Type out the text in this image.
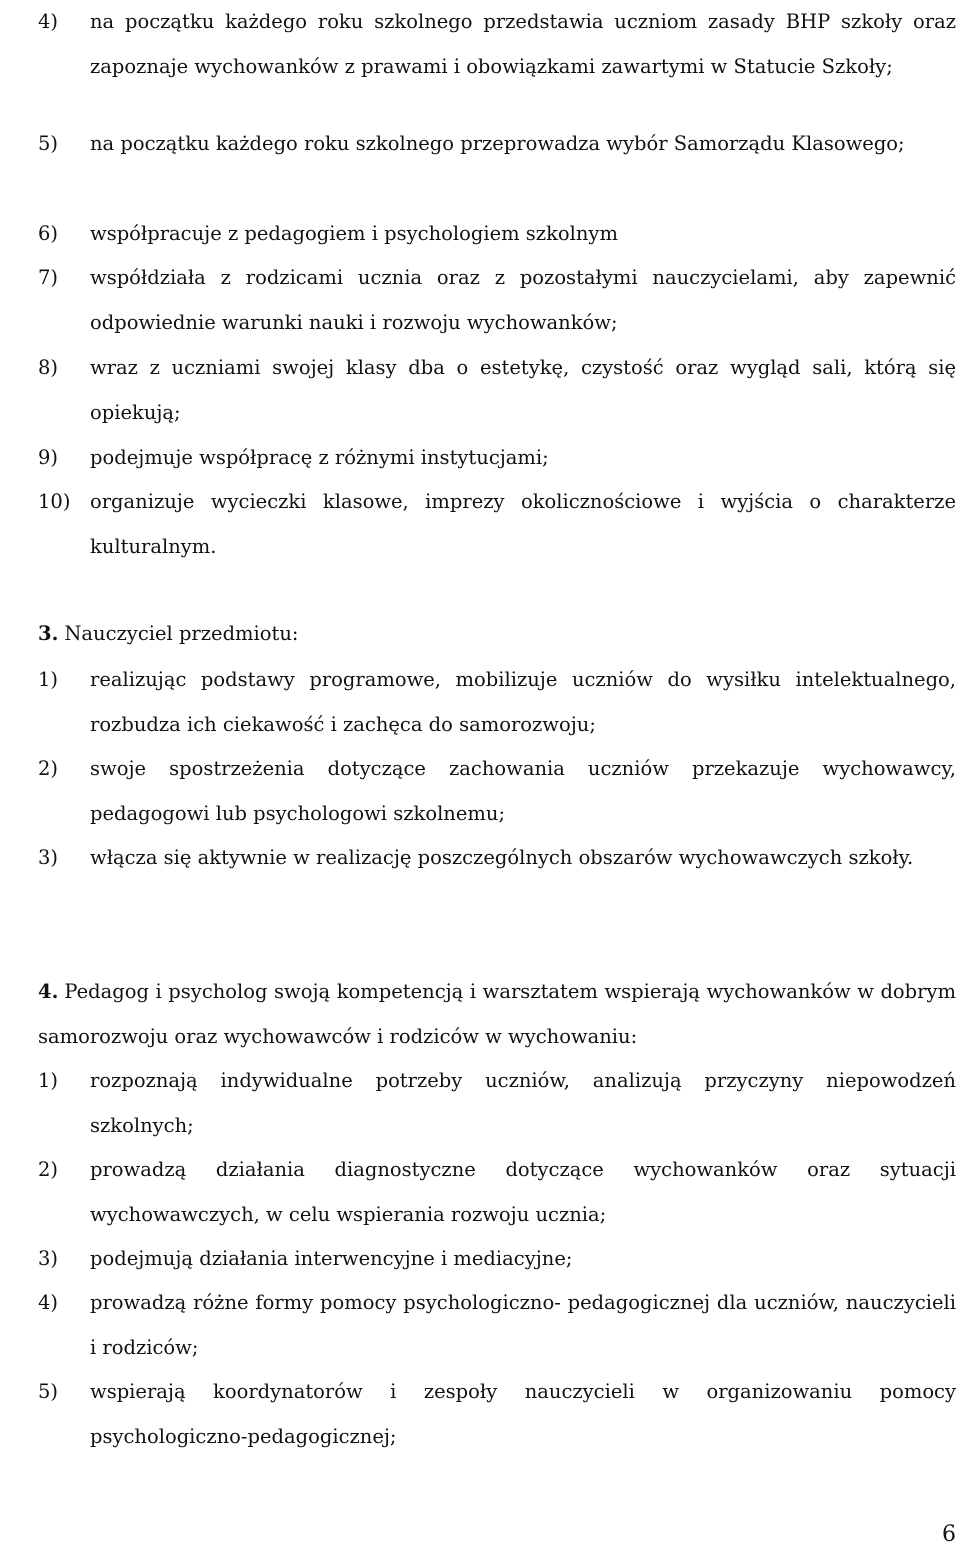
4)	na początku każdego roku szkolnego przedstawia uczniom zasady BHP szkoły oraz zapoznaje wychowanków z prawami i obowiązkami zawartymi w Statucie Szkoły;
5)	na początku każdego roku szkolnego przeprowadza wybór Samorządu Klasowego;
6)	współpracuje z pedagogiem i psychologiem szkolnym
7)	współdziała z rodzicami ucznia oraz z pozostałymi nauczycielami, aby zapewnić odpowiednie warunki nauki i rozwoju wychowanków;
8)	wraz z uczniami swojej klasy dba o estetykę, czystość oraz wygląd sali, którą się opiekują;
9)	podejmuje współpracę z różnymi instytucjami;
10)	organizuje wycieczki klasowe, imprezy okolicznościowe i wyjścia o charakterze kulturalnym.
3. Nauczyciel przedmiotu:
1)	realizując podstawy programowe, mobilizuje uczniów do wysiłku intelektualnego, rozbudza ich ciekawość i zachęca do samorozwoju;
2)	swoje spostrzeżenia dotyczące zachowania uczniów przekazuje wychowawcy, pedagogowi lub psychologowi szkolnemu;
3)	włącza się aktywnie w realizację poszczególnych obszarów wychowawczych szkoły.
4. Pedagog i psycholog swoją kompetencją i warsztatem wspierają wychowanków w dobrym samorozwoju oraz wychowawców i rodziców w wychowaniu:
1)	rozpoznają indywidualne potrzeby uczniów, analizują przyczyny niepowodzeń szkolnych;
2)	prowadzą działania diagnostyczne dotyczące wychowanków oraz sytuacji wychowawczych, w celu wspierania rozwoju ucznia;
3)	podejmują działania interwencyjne i mediacyjne;
4)	prowadzą różne formy pomocy psychologiczno- pedagogicznej dla uczniów, nauczycieli i rodziców;
5)	wspierają koordynatorów i zespoły nauczycieli w organizowaniu pomocy psychologiczno-pedagogicznej;
6
